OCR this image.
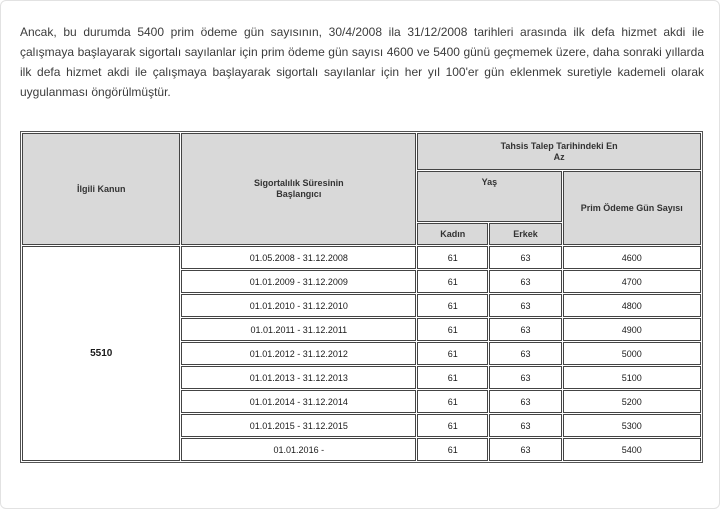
Ancak, bu durumda 5400 prim ödeme gün sayısının, 30/4/2008 ila 31/12/2008 tarihleri arasında ilk defa hizmet akdi ile çalışmaya başlayarak sigortalı sayılanlar için prim ödeme gün sayısı 4600 ve 5400 günü geçmemek üzere, daha sonraki yıllarda ilk defa hizmet akdi ile çalışmaya başlayarak sigortalı sayılanlar için her yıl 100'er gün eklenmek suretiyle kademeli olarak uygulanması öngörülmüştür.

İlgili Kanun	Sigortalılık Süresinin Başlangıcı	Tahsis Talep Tarihindeki En Az		
		Yaş		Prim Ödeme Gün Sayısı
		Kadın	Erkek	
5510	01.05.2008 - 31.12.2008	61	63	4600
	01.01.2009 - 31.12.2009	61	63	4700
	01.01.2010 - 31.12.2010	61	63	4800
	01.01.2011 - 31.12.2011	61	63	4900
	01.01.2012 - 31.12.2012	61	63	5000
	01.01.2013 - 31.12.2013	61	63	5100
	01.01.2014 - 31.12.2014	61	63	5200
	01.01.2015 - 31.12.2015	61	63	5300
	01.01.2016 -	61	63	5400
